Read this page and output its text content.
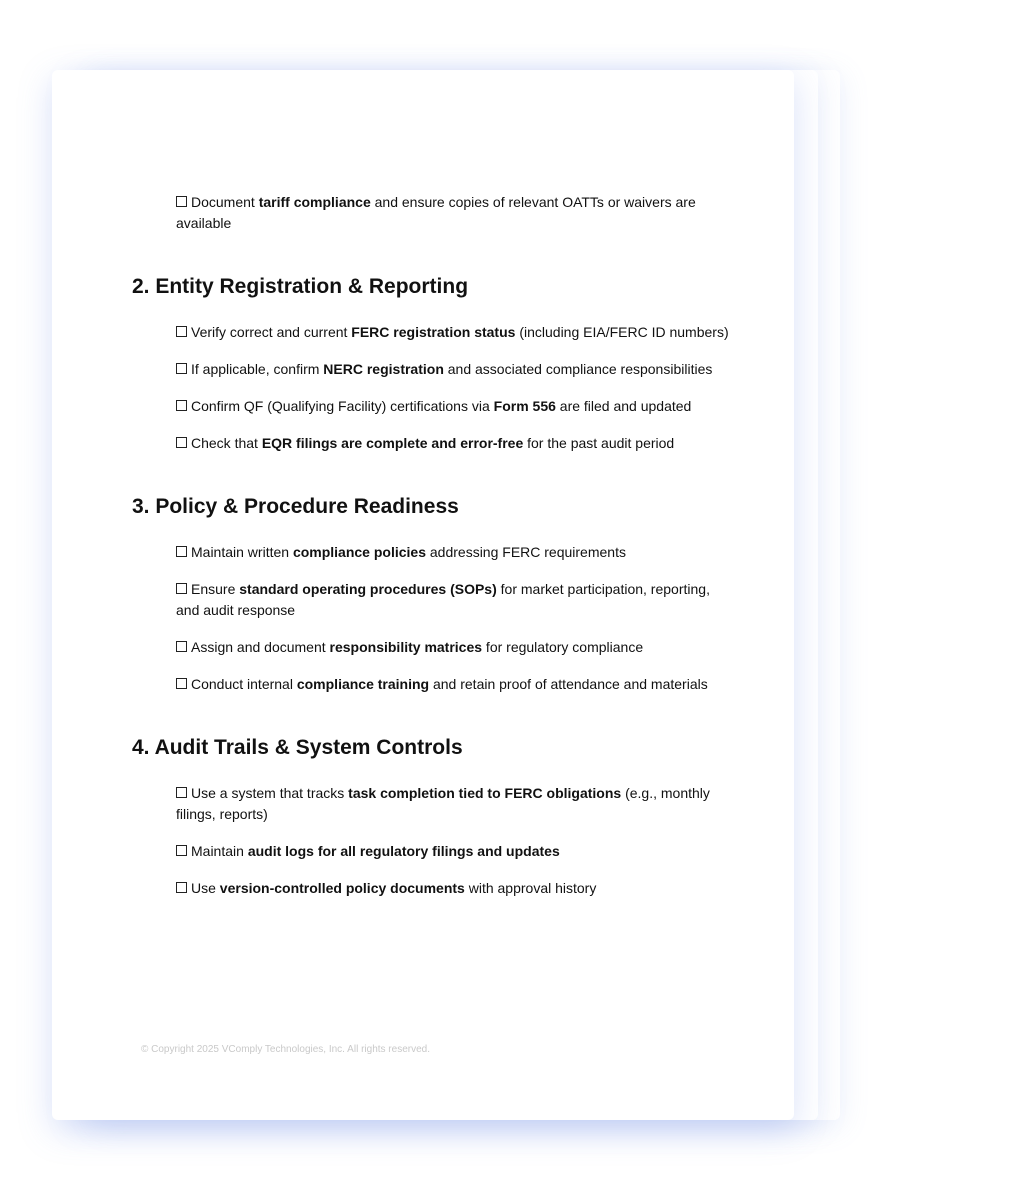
Document tariff compliance and ensure copies of relevant OATTs or waivers are available
2. Entity Registration & Reporting
Verify correct and current FERC registration status (including EIA/FERC ID numbers)
If applicable, confirm NERC registration and associated compliance responsibilities
Confirm QF (Qualifying Facility) certifications via Form 556 are filed and updated
Check that EQR filings are complete and error-free for the past audit period
3. Policy & Procedure Readiness
Maintain written compliance policies addressing FERC requirements
Ensure standard operating procedures (SOPs) for market participation, reporting, and audit response
Assign and document responsibility matrices for regulatory compliance
Conduct internal compliance training and retain proof of attendance and materials
4. Audit Trails & System Controls
Use a system that tracks task completion tied to FERC obligations (e.g., monthly filings, reports)
Maintain audit logs for all regulatory filings and updates
Use version-controlled policy documents with approval history
© Copyright 2025 VComply Technologies, Inc. All rights reserved.
